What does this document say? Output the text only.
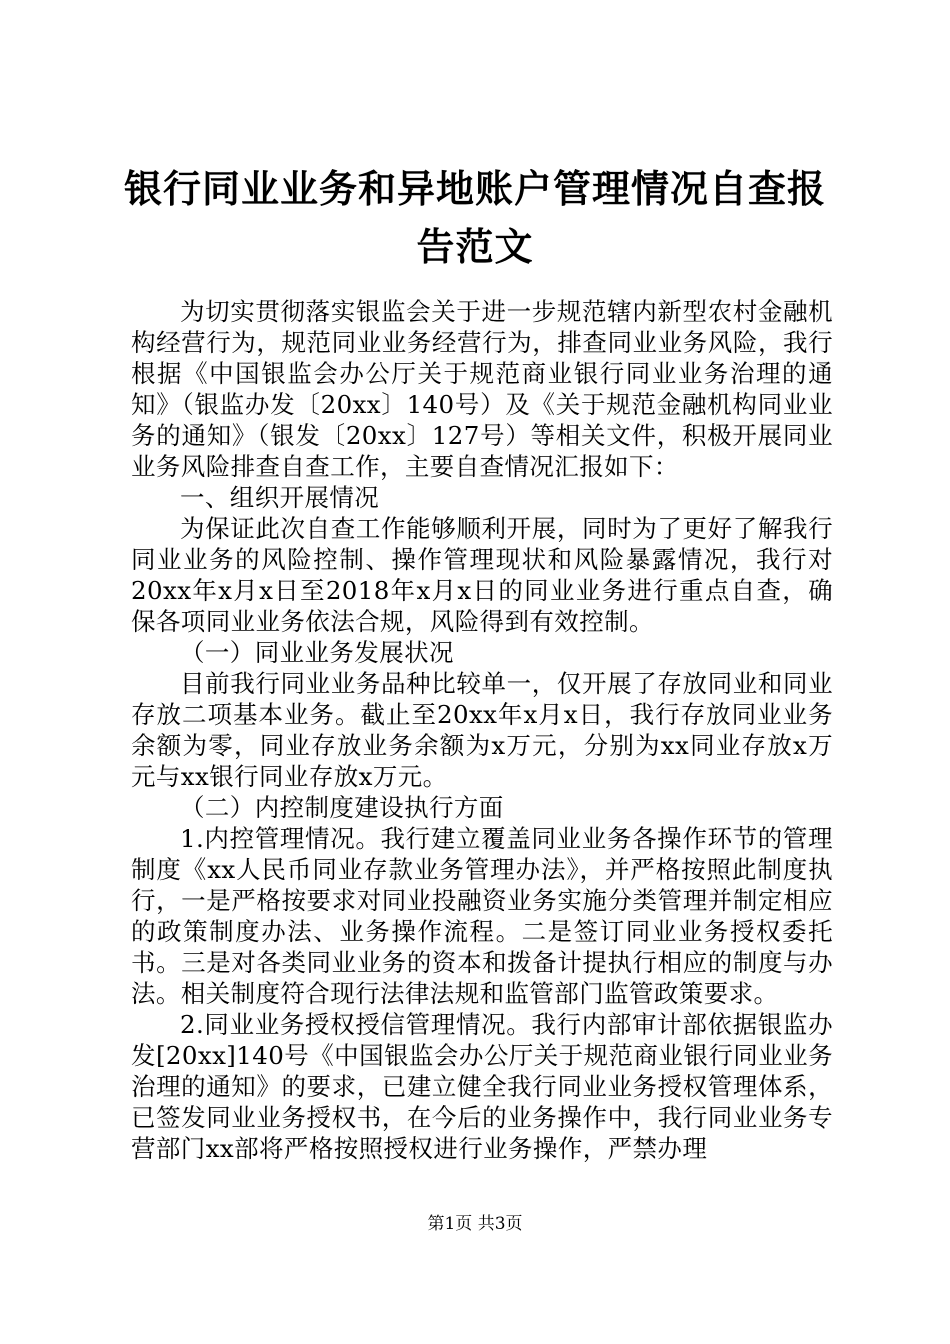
银行同业业务和异地账户管理情况自查报告范文

为切实贯彻落实银监会关于进一步规范辖内新型农村金融机构经营行为，规范同业业务经营行为，排查同业业务风险，我行根据《中国银监会办公厅关于规范商业银行同业业务治理的通知》（银监办发〔20xx〕140号）及《关于规范金融机构同业业务的通知》（银发〔20xx〕127号）等相关文件，积极开展同业业务风险排查自查工作，主要自查情况汇报如下：

一、组织开展情况

为保证此次自查工作能够顺利开展，同时为了更好了解我行同业业务的风险控制、操作管理现状和风险暴露情况，我行对20xx年x月x日至2018年x月x日的同业业务进行重点自查，确保各项同业业务依法合规，风险得到有效控制。

（一）同业业务发展状况

目前我行同业业务品种比较单一，仅开展了存放同业和同业存放二项基本业务。截止至20xx年x月x日，我行存放同业业务余额为零，同业存放业务余额为x万元，分别为xx同业存放x万元与xx银行同业存放x万元。

（二）内控制度建设执行方面

1.内控管理情况。我行建立覆盖同业业务各操作环节的管理制度《xx人民币同业存款业务管理办法》，并严格按照此制度执行，一是严格按要求对同业投融资业务实施分类管理并制定相应的政策制度办法、业务操作流程。二是签订同业业务授权委托书。三是对各类同业业务的资本和拨备计提执行相应的制度与办法。相关制度符合现行法律法规和监管部门监管政策要求。

2.同业业务授权授信管理情况。我行内部审计部依据银监办发[20xx]140号《中国银监会办公厅关于规范商业银行同业业务治理的通知》的要求，已建立健全我行同业业务授权管理体系，已签发同业业务授权书，在今后的业务操作中，我行同业业务专营部门xx部将严格按照授权进行业务操作，严禁办理

第1页 共3页
